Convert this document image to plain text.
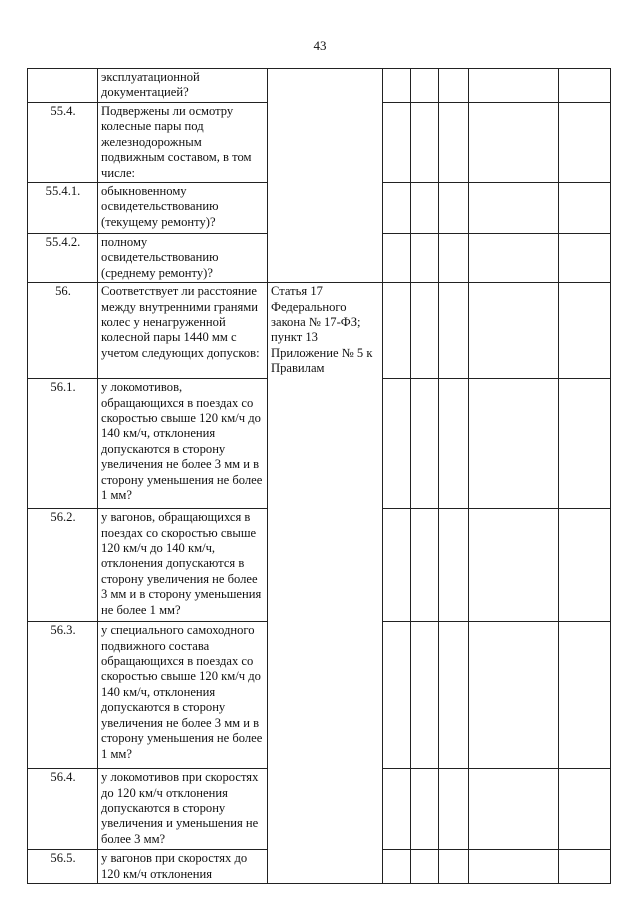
43
	эксплуатационной документацией?						
55.4.	Подвержены ли осмотру колесные пары под железнодорожным подвижным составом, в том числе:						
55.4.1.	обыкновенному освидетельствованию (текущему ремонту)?						
55.4.2.	полному освидетельствованию (среднему ремонту)?						
56.	Соответствует ли расстояние между внутренними гранями колес у ненагруженной колесной пары 1440 мм с учетом следующих допусков:	Статья 17 Федерального закона № 17-ФЗ; пункт 13 Приложение № 5 к Правилам					
56.1.	у локомотивов, обращающихся в поездах со скоростью свыше 120 км/ч до 140 км/ч, отклонения допускаются в сторону увеличения не более 3 мм и в сторону уменьшения не более 1 мм?						
56.2.	у вагонов, обращающихся в поездах со скоростью свыше 120 км/ч до 140 км/ч, отклонения допускаются в сторону увеличения не более 3 мм и в сторону уменьшения не более 1 мм?						
56.3.	у специального самоходного подвижного состава обращающихся в поездах со скоростью свыше 120 км/ч до 140 км/ч, отклонения допускаются в сторону увеличения не более 3 мм и в сторону уменьшения не более 1 мм?						
56.4.	у локомотивов при скоростях до 120 км/ч отклонения допускаются в сторону увеличения и уменьшения не более 3 мм?						
56.5.	у вагонов при скоростях до 120 км/ч отклонения						
